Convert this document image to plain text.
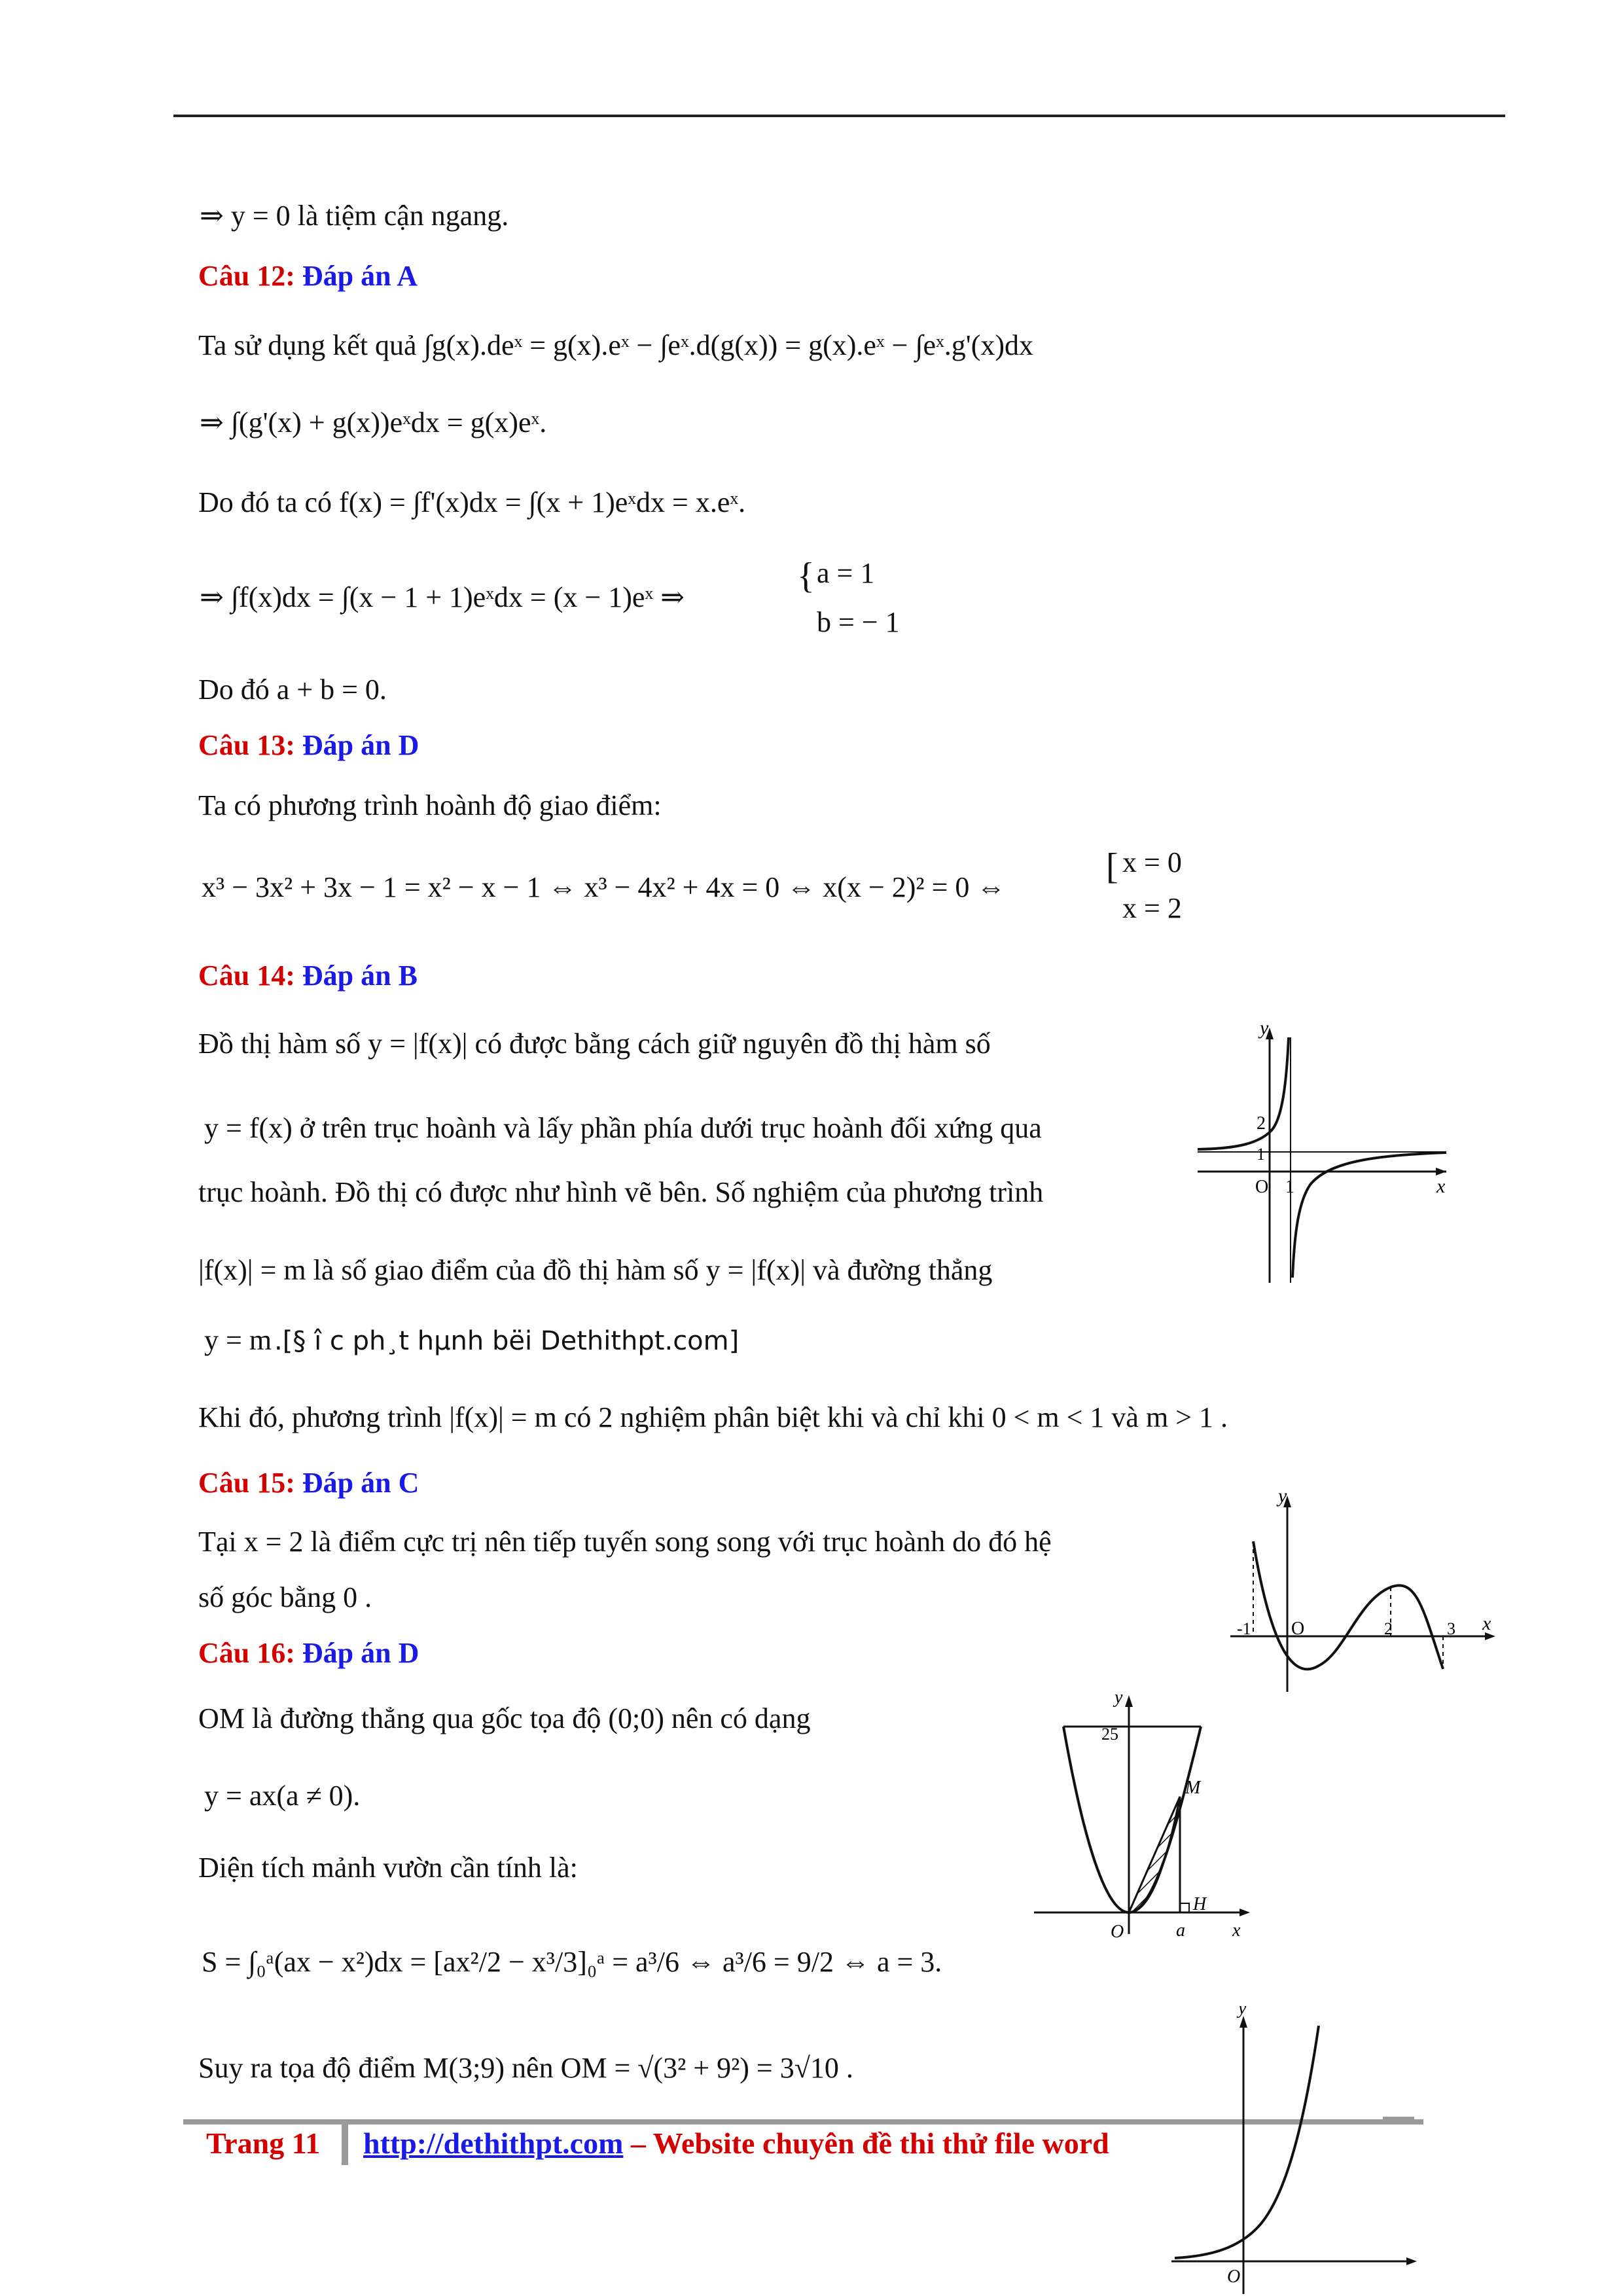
⇒ y = 0 là tiệm cận ngang.
Câu 12: Đáp án A
Ta sử dụng kết quả ∫g(x).deˣ = g(x).eˣ − ∫eˣ.d(g(x)) = g(x).eˣ − ∫eˣ.g'(x)dx
⇒ ∫(g'(x) + g(x))eˣdx = g(x)eˣ.
Do đó ta có f(x) = ∫f'(x)dx = ∫(x + 1)eˣdx = x.eˣ.
⇒ ∫f(x)dx = ∫(x − 1 + 1)eˣdx = (x − 1)eˣ ⇒
{ a = 1
b = − 1
Do đó a + b = 0.
Câu 13: Đáp án D
Ta có phương trình hoành độ giao điểm:
x³ − 3x² + 3x − 1 = x² − x − 1 ⇔ x³ − 4x² + 4x = 0 ⇔ x(x − 2)² = 0 ⇔
[ x = 0
x = 2
Câu 14: Đáp án B
Đồ thị hàm số y = |f(x)| có được bằng cách giữ nguyên đồ thị hàm số
y = f(x) ở trên trục hoành và lấy phần phía dưới trục hoành đối xứng qua
trục hoành. Đồ thị có được như hình vẽ bên. Số nghiệm của phương trình
|f(x)| = m là số giao điểm của đồ thị hàm số y = |f(x)| và đường thẳng
y = m .[§ î c ph¸t hµnh bëi Dethithpt.com]
Khi đó, phương trình |f(x)| = m có 2 nghiệm phân biệt khi và chỉ khi 0 < m < 1 và m > 1 .
Câu 15: Đáp án C
Tại x = 2 là điểm cực trị nên tiếp tuyến song song với trục hoành do đó hệ
số góc bằng 0 .
Câu 16: Đáp án D
OM là đường thẳng qua gốc tọa độ (0;0) nên có dạng
y = ax(a ≠ 0).
Diện tích mảnh vườn cần tính là:
S = ∫₀ᵃ(ax − x²)dx = [ax²/2 − x³/3]₀ᵃ = a³/6 ⇔ a³/6 = 9/2 ⇔ a = 3.
Suy ra tọa độ điểm M(3;9) nên OM = √(3² + 9²) = 3√10 .
Trang 11 http://dethithpt.com – Website chuyên đề thi thử file word
y
x
O 1
1
2
y
x
O
-1	2	3
y
x
O
25
M
H
a
y
O
